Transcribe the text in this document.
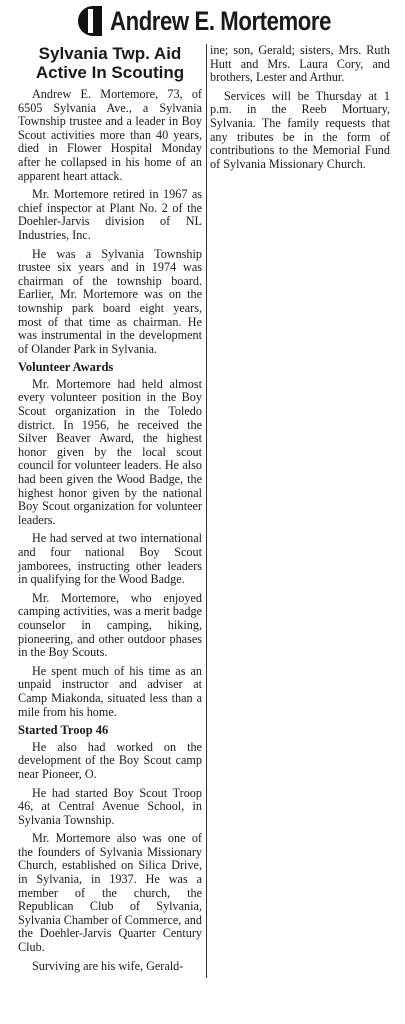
Andrew E. Mortemore
Sylvania Twp. Aid
Active In Scouting

Andrew E. Mortemore, 73, of 6505 Sylvania Ave., a Sylvania Township trustee and a leader in Boy Scout activities more than 40 years, died in Flower Hospital Monday after he collapsed in his home of an apparent heart attack.

Mr. Mortemore retired in 1967 as chief inspector at Plant No. 2 of the Doehler-Jarvis division of NL Industries, Inc.

He was a Sylvania Township trustee six years and in 1974 was chairman of the township board. Earlier, Mr. Mortemore was on the township park board eight years, most of that time as chairman. He was instrumental in the development of Olander Park in Sylvania.

Volunteer Awards

Mr. Mortemore had held almost every volunteer position in the Boy Scout organization in the Toledo district. In 1956, he received the Silver Beaver Award, the highest honor given by the local scout council for volunteer leaders. He also had been given the Wood Badge, the highest honor given by the national Boy Scout organization for volunteer leaders.

He had served at two international and four national Boy Scout jamborees, instructing other leaders in qualifying for the Wood Badge.

Mr. Mortemore, who enjoyed camping activities, was a merit badge counselor in camping, hiking, pioneering, and other outdoor phases in the Boy Scouts.

He spent much of his time as an unpaid instructor and adviser at Camp Miakonda, situated less than a mile from his home.

Started Troop 46

He also had worked on the development of the Boy Scout camp near Pioneer, O.

He had started Boy Scout Troop 46, at Central Avenue School, in Sylvania Township.

Mr. Mortemore also was one of the founders of Sylvania Missionary Church, established on Silica Drive, in Sylvania, in 1937. He was a member of the church, the Republican Club of Sylvania, Sylvania Chamber of Commerce, and the Doehler-Jarvis Quarter Century Club.

Surviving are his wife, Gerald-

ine; son, Gerald; sisters, Mrs. Ruth Hutt and Mrs. Laura Cory, and brothers, Lester and Arthur.

Services will be Thursday at 1 p.m. in the Reeb Mortuary, Sylvania. The family requests that any tributes be in the form of contributions to the Memorial Fund of Sylvania Missionary Church.
